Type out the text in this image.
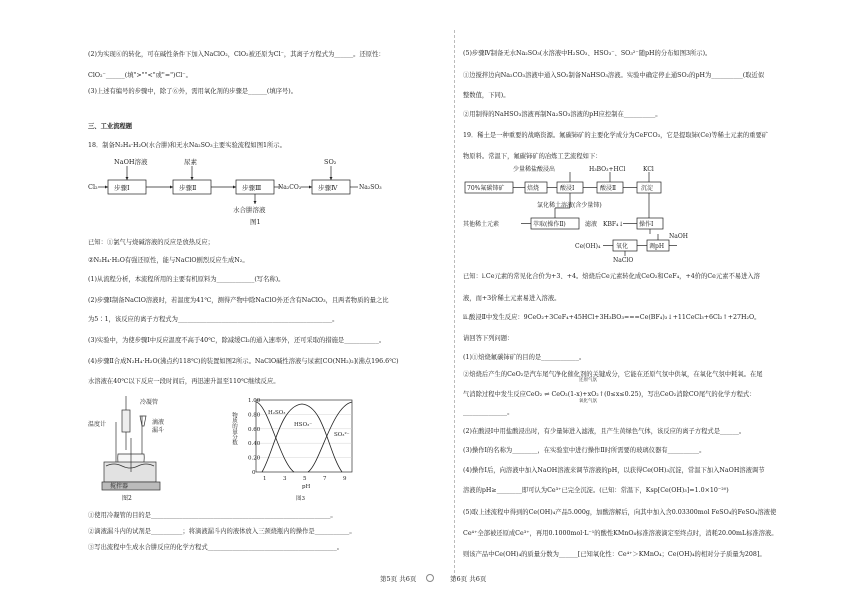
(2)为实现⑥的转化，可在碱性条件下加入NaClO₂，ClO₂被还原为Cl⁻，其离子方程式为______。还原性：
ClO₂⁻______(填">""<"或"=")Cl⁻。
(3)上述有编号的步骤中，除了⑥外，需用氧化剂的步骤是______(填序号)。
三、工业流程题
18．制备N₂H₄·H₂O(水合肼)和无水Na₂SO₃主要实验流程如图1所示。
Cl₂	步骤Ⅰ	步骤Ⅱ	步骤Ⅲ	步骤Ⅳ
NaOH溶液	尿素	SO₂
Na₂CO₃	Na₂SO₃
水合肼溶液
图1
已知：①氯气与烧碱溶液的反应是放热反应；
②N₂H₄·H₂O有强还原性，能与NaClO剧烈反应生成N₂。
(1)从流程分析，本流程所用的主要有机原料为____________(写名称)。
(2)步骤Ⅰ制备NaClO溶液时，若温度为41℃，测得产物中除NaClO外还含有NaClO₃，且两者物质的量之比
为5∶1，该反应的离子方程式为_________________________________________________。
(3)实验中，为使步骤Ⅰ中反应温度不高于40℃，除减缓Cl₂的通入速率外，还可采取的措施是___________。
(4)步骤Ⅱ合成N₂H₄·H₂O(沸点约118℃)的装置如图2所示。NaClO碱性溶液与尿素[CO(NH₂)₂](沸点196.6℃)
水溶液在40℃以下反应一段时间后，再迅速升温至110℃继续反应。
冷凝管
温度计	滴液
漏斗
搅拌器
图2
1.00
0.80
0.60
0.40
0.20
0
1	3	5	7	9
H₂SO₃
HSO₃⁻
SO₃²⁻
pH
图3
物质的量分数
①使用冷凝管的目的是_________________________________________________________。
②滴液漏斗内的试剂是__________；将滴液漏斗内的液体放入三颈烧瓶内的操作是___________。
③写出流程中生成水合肼反应的化学方程式_________________________________________。
(5)步骤Ⅳ制备无水Na₂SO₃(水溶液中H₂SO₃、HSO₃⁻、SO₃²⁻随pH的分布如图3所示)。
①边搅拌边向Na₂CO₃溶液中通入SO₂制备NaHSO₃溶液。实验中确定停止通SO₂的pH为__________(取近似
整数值，下同)。
②用制得的NaHSO₃溶液再制Na₂SO₃溶液的pH应控制在__________。
19．稀土是一种重要的战略资源。氟碳铈矿的主要化学成分为CeFCO₃，它是提取铈(Ce)等稀土元素的重要矿
物原料。常温下，氟碳铈矿的冶炼工艺流程如下：
少量稀盐酸浸出	H₃BO₃+HCl	KCl
70%氟碳铈矿	焙烧	酸浸Ⅰ	酸浸Ⅱ	沉淀
氯化稀土溶液(含少量铈)
其他稀土元素	萃取(操作Ⅱ)	滤液 KBF₄↓	操作Ⅰ
NaOH
Ce(OH)₄	氧化	调pH
NaClO
已知：ⅰ.Ce元素的常见化合价为+3、+4。焙烧后Ce元素转化成CeO₂和CeF₄，+4价的Ce元素不易进入溶
液，而+3价稀土元素易进入溶液。
ⅱ.酸浸Ⅱ中发生反应：9CeO₂+3CeF₄+45HCl+3H₃BO₃===Ce(BF₄)₃↓+11CeCl₃+6Cl₂↑+27H₂O。
请回答下列问题：
(1)①焙烧氟碳铈矿的目的是____________。
②焙烧后产生的CeO₂是汽车尾气净化催化剂的关键成分，它能在还原气氛中供氧，在氧化气氛中耗氧。在尾
还原气氛
气消除过程中发生反应CeO₂ ⇌ CeO₂(1-x)+xO₂↑(0≤x≤0.25)，写出CeO₂消除CO尾气的化学方程式：
氧化气氛
______________。
(2)在酸浸Ⅰ中用盐酸浸出时，有少量铈进入滤液，且产生黄绿色气体，该反应的离子方程式是______。
(3)操作Ⅰ的名称为________，在实验室中进行操作Ⅱ时所需要的玻璃仪器有__________。
(4)操作Ⅰ后，向溶液中加入NaOH溶液来调节溶液的pH，以获得Ce(OH)₃沉淀，常温下加入NaOH溶液调节
溶液的pH≥________即可认为Ce³⁺已完全沉淀。(已知：常温下，Ksp[Ce(OH)₃]=1.0×10⁻²⁰)
(5)取上述流程中得到的Ce(OH)₄产品5.000g，加酸溶解后，向其中加入含0.03300mol FeSO₄的FeSO₄溶液使
Ce⁴⁺全部被还原成Ce³⁺，再用0.1000mol·L⁻¹的酸性KMnO₄标准溶液滴定至终点时，消耗20.00mL标准溶液。
则该产品中Ce(OH)₄的质量分数为______[已知氧化性：Ce⁴⁺＞KMnO₄；Ce(OH)₄的相对分子质量为208]。
第5页 共6页	第6页 共6页
